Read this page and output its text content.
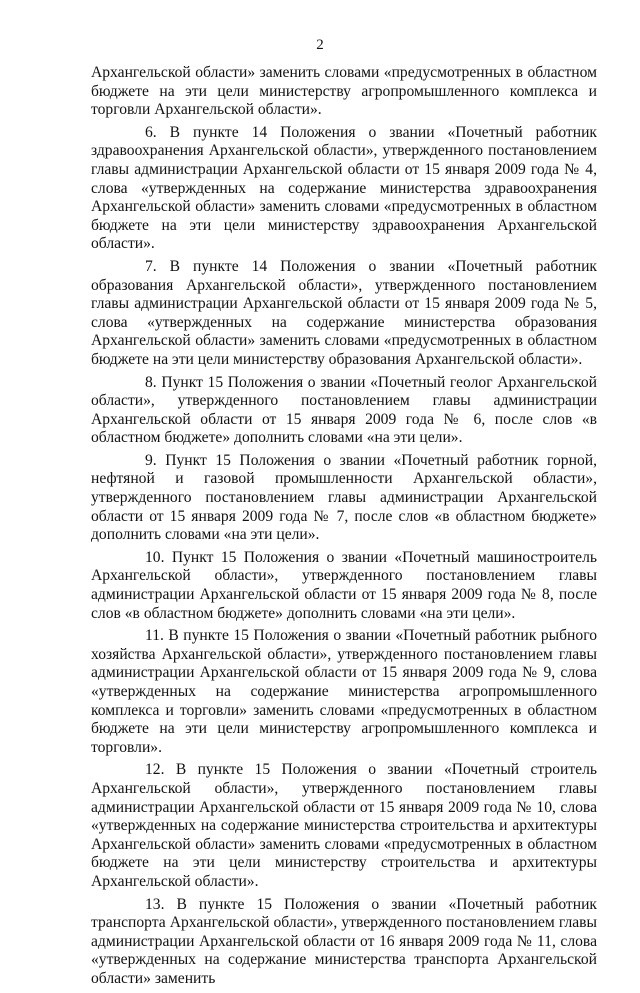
2

Архангельской области» заменить словами «предусмотренных в областном бюджете на эти цели министерству агропромышленного комплекса и торговли Архангельской области».

6. В пункте 14 Положения о звании «Почетный работник здравоохранения Архангельской области», утвержденного постановлением главы администрации Архангельской области от 15 января 2009 года № 4, слова «утвержденных на содержание министерства здравоохранения Архангельской области» заменить словами «предусмотренных в областном бюджете на эти цели министерству здравоохранения Архангельской области».

7. В пункте 14 Положения о звании «Почетный работник образования Архангельской области», утвержденного постановлением главы администрации Архангельской области от 15 января 2009 года № 5, слова «утвержденных на содержание министерства образования Архангельской области» заменить словами «предусмотренных в областном бюджете на эти цели министерству образования Архангельской области».

8. Пункт 15 Положения о звании «Почетный геолог Архангельской области», утвержденного постановлением главы администрации Архангельской области от 15 января 2009 года № 6, после слов «в областном бюджете» дополнить словами «на эти цели».

9. Пункт 15 Положения о звании «Почетный работник горной, нефтяной и газовой промышленности Архангельской области», утвержденного постановлением главы администрации Архангельской области от 15 января 2009 года № 7, после слов «в областном бюджете» дополнить словами «на эти цели».

10. Пункт 15 Положения о звании «Почетный машиностроитель Архангельской области», утвержденного постановлением главы администрации Архангельской области от 15 января 2009 года № 8, после слов «в областном бюджете» дополнить словами «на эти цели».

11. В пункте 15 Положения о звании «Почетный работник рыбного хозяйства Архангельской области», утвержденного постановлением главы администрации Архангельской области от 15 января 2009 года № 9, слова «утвержденных на содержание министерства агропромышленного комплекса и торговли» заменить словами «предусмотренных в областном бюджете на эти цели министерству агропромышленного комплекса и торговли».

12. В пункте 15 Положения о звании «Почетный строитель Архангельской области», утвержденного постановлением главы администрации Архангельской области от 15 января 2009 года № 10, слова «утвержденных на содержание министерства строительства и архитектуры Архангельской области» заменить словами «предусмотренных в областном бюджете на эти цели министерству строительства и архитектуры Архангельской области».

13. В пункте 15 Положения о звании «Почетный работник транспорта Архангельской области», утвержденного постановлением главы администрации Архангельской области от 16 января 2009 года № 11, слова «утвержденных на содержание министерства транспорта Архангельской области» заменить
